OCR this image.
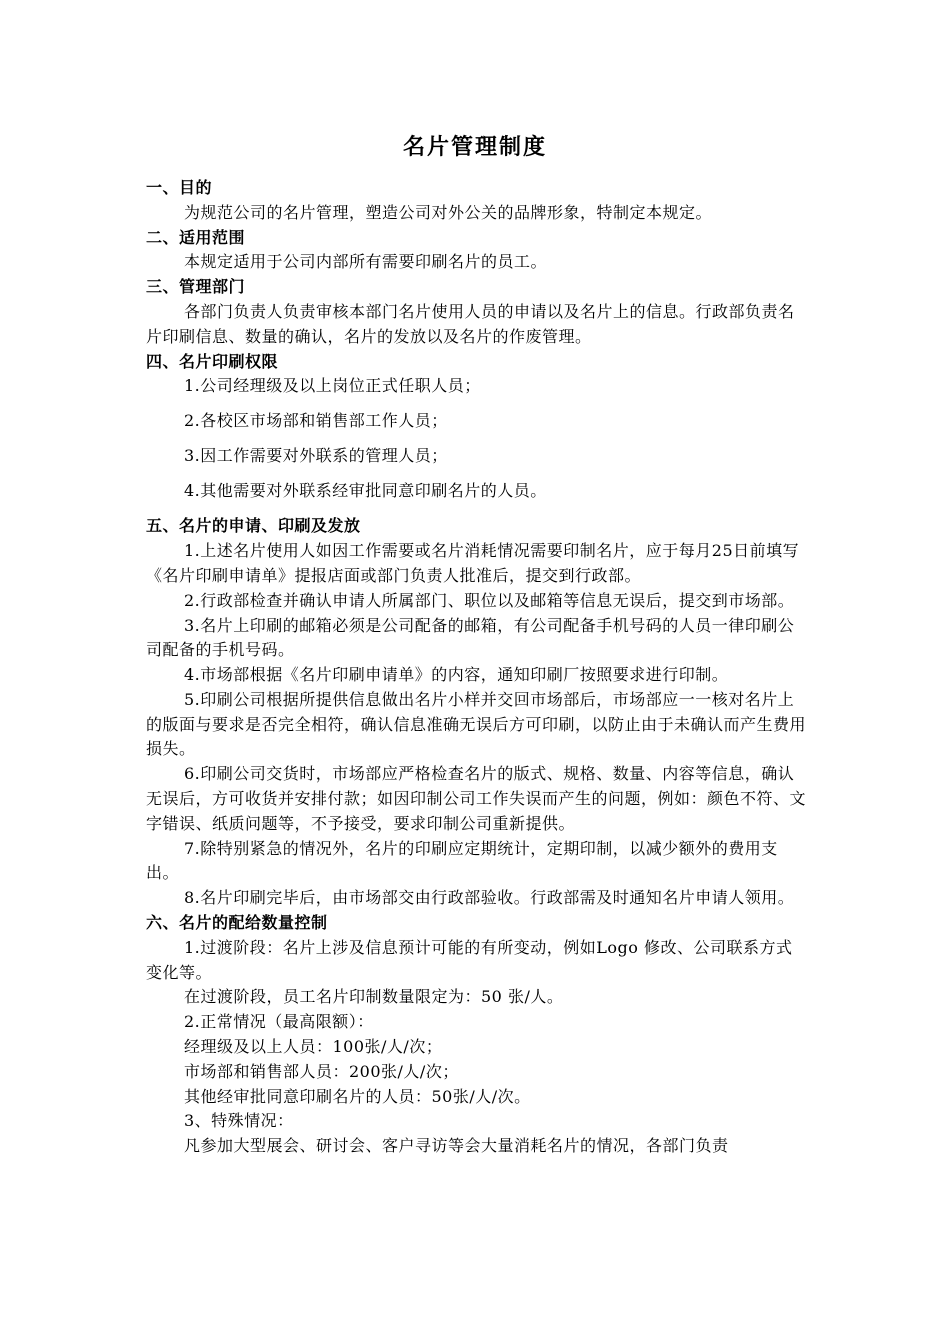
名片管理制度

一、目的

为规范公司的名片管理，塑造公司对外公关的品牌形象，特制定本规定。

二、适用范围

本规定适用于公司内部所有需要印刷名片的员工。

三、管理部门

各部门负责人负责审核本部门名片使用人员的申请以及名片上的信息。行政部负责名片印刷信息、数量的确认，名片的发放以及名片的作废管理。

四、名片印刷权限

1.公司经理级及以上岗位正式任职人员；

2.各校区市场部和销售部工作人员；

3.因工作需要对外联系的管理人员；

4.其他需要对外联系经审批同意印刷名片的人员。

五、名片的申请、印刷及发放

1.上述名片使用人如因工作需要或名片消耗情况需要印制名片，应于每月25日前填写《名片印刷申请单》提报店面或部门负责人批准后，提交到行政部。

2.行政部检查并确认申请人所属部门、职位以及邮箱等信息无误后，提交到市场部。

3.名片上印刷的邮箱必须是公司配备的邮箱，有公司配备手机号码的人员一律印刷公司配备的手机号码。

4.市场部根据《名片印刷申请单》的内容，通知印刷厂按照要求进行印制。

5.印刷公司根据所提供信息做出名片小样并交回市场部后，市场部应一一核对名片上的版面与要求是否完全相符，确认信息准确无误后方可印刷，以防止由于未确认而产生费用损失。

6.印刷公司交货时，市场部应严格检查名片的版式、规格、数量、内容等信息，确认无误后，方可收货并安排付款；如因印制公司工作失误而产生的问题，例如：颜色不符、文字错误、纸质问题等，不予接受，要求印制公司重新提供。

7.除特别紧急的情况外，名片的印刷应定期统计，定期印制，以减少额外的费用支出。

8.名片印刷完毕后，由市场部交由行政部验收。行政部需及时通知名片申请人领用。

六、名片的配给数量控制

1.过渡阶段：名片上涉及信息预计可能的有所变动，例如Logo 修改、公司联系方式变化等。

在过渡阶段，员工名片印制数量限定为：50 张/人。

2.正常情况（最高限额）：

经理级及以上人员：100张/人/次；

市场部和销售部人员：200张/人/次；

其他经审批同意印刷名片的人员：50张/人/次。

3、特殊情况：

凡参加大型展会、研讨会、客户寻访等会大量消耗名片的情况，各部门负责
